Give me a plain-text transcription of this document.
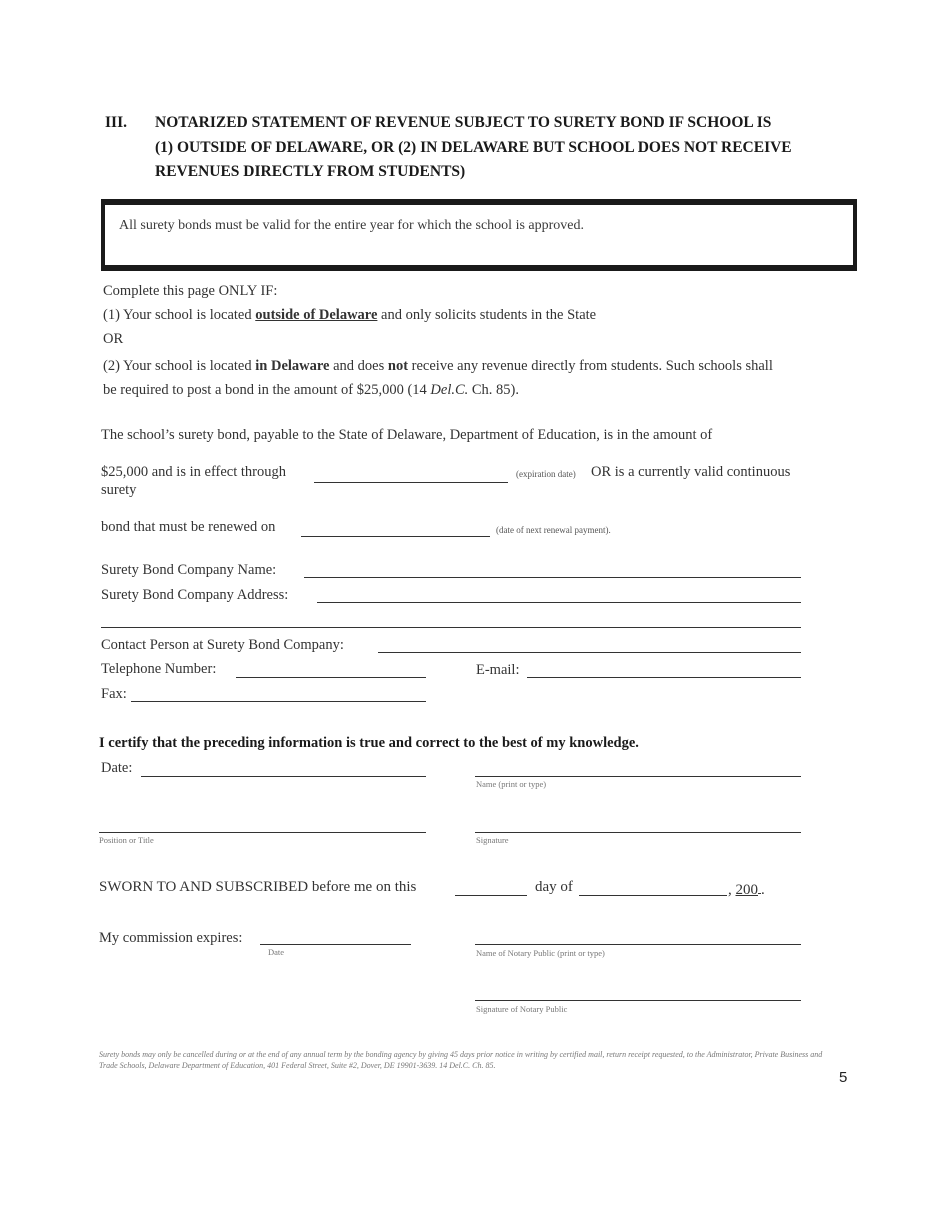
III. NOTARIZED STATEMENT OF REVENUE SUBJECT TO SURETY BOND IF SCHOOL IS
(1) OUTSIDE OF DELAWARE, OR (2) IN DELAWARE BUT SCHOOL DOES NOT RECEIVE
REVENUES DIRECTLY FROM STUDENTS)
All surety bonds must be valid for the entire year for which the school is approved.
Complete this page ONLY IF:
(1) Your school is located outside of Delaware and only solicits students in the State
OR
(2) Your school is located in Delaware and does not receive any revenue directly from students. Such schools shall
be required to post a bond in the amount of $25,000 (14 Del.C. Ch. 85).
The school’s surety bond, payable to the State of Delaware, Department of Education, is in the amount of
$25,000 and is in effect through	(expiration date) OR is a currently valid continuous
surety
bond that must be renewed on	(date of next renewal payment).
Surety Bond Company Name:
Surety Bond Company Address:
Contact Person at Surety Bond Company:
Telephone Number:	E-mail:
Fax:
I certify that the preceding information is true and correct to the best of my knowledge.
Date:
Name (print or type)
Position or Title	Signature
SWORN TO AND SUBSCRIBED before me on this	day of	, 200 .
My commission expires:
Date	Name of Notary Public (print or type)
Signature of Notary Public
Surety bonds may only be cancelled during or at the end of any annual term by the bonding agency by giving 45 days prior notice in writing by certified mail, return receipt requested, to the Administrator, Private Business and Trade Schools, Delaware Department of Education, 401 Federal Street, Suite #2, Dover, DE 19901-3639. 14 Del.C. Ch. 85.
5
